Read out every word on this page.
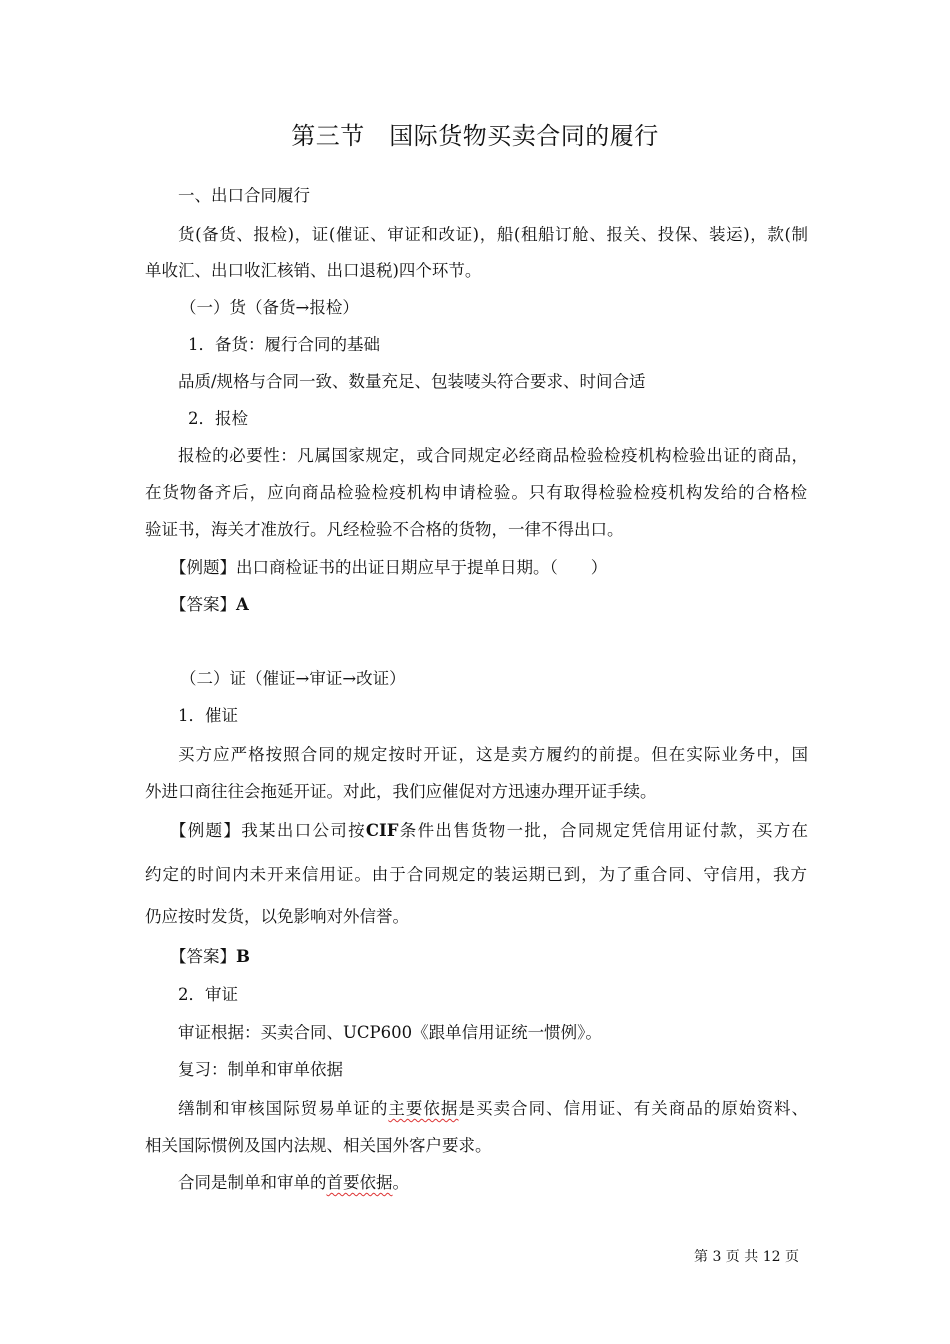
第三节　国际货物买卖合同的履行
一、出口合同履行
货(备货、报检)，证(催证、审证和改证)，船(租船订舱、报关、投保、装运)，款(制
单收汇、出口收汇核销、出口退税)四个环节。
（一）货（备货→报检）
1．备货：履行合同的基础
品质/规格与合同一致、数量充足、包装唛头符合要求、时间合适
2．报检
报检的必要性：凡属国家规定，或合同规定必经商品检验检疫机构检验出证的商品，
在货物备齐后，应向商品检验检疫机构申请检验。只有取得检验检疫机构发给的合格检
验证书，海关才准放行。凡经检验不合格的货物，一律不得出口。
【例题】出口商检证书的出证日期应早于提单日期。（　　）
【答案】A
（二）证（催证→审证→改证）
1．催证
买方应严格按照合同的规定按时开证，这是卖方履约的前提。但在实际业务中，国
外进口商往往会拖延开证。对此，我们应催促对方迅速办理开证手续。
【例题】我某出口公司按CIF条件出售货物一批，合同规定凭信用证付款，买方在
约定的时间内未开来信用证。由于合同规定的装运期已到，为了重合同、守信用，我方
仍应按时发货，以免影响对外信誉。
【答案】B
2．审证
审证根据：买卖合同、UCP600《跟单信用证统一惯例》。
复习：制单和审单依据
缮制和审核国际贸易单证的主要依据是买卖合同、信用证、有关商品的原始资料、
相关国际惯例及国内法规、相关国外客户要求。
合同是制单和审单的首要依据。
第 3 页 共 12 页
